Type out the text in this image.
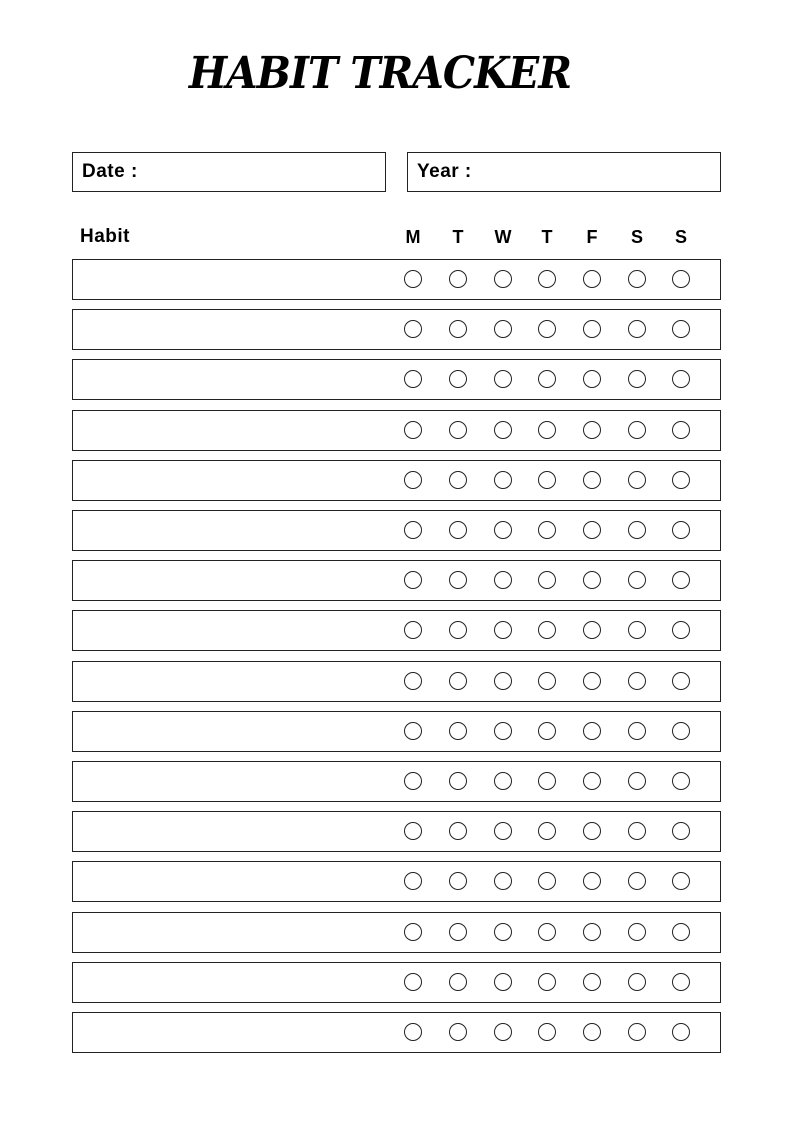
HABIT TRACKER
Date :	Year :
Habit	M T W T F S S
